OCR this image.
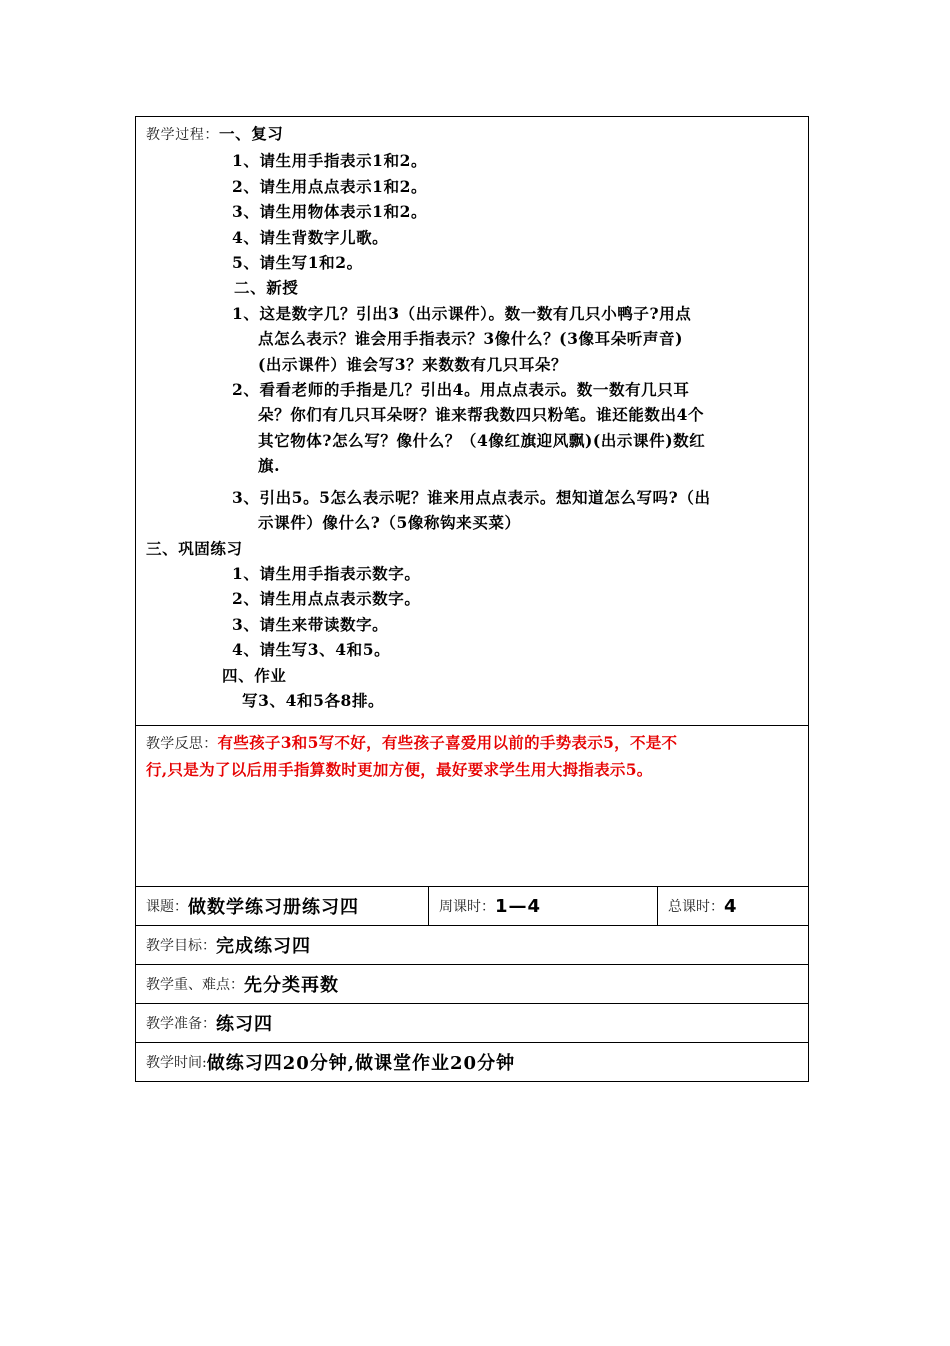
教学过程：一、复习
1、请生用手指表示1和2。
2、请生用点点表示1和2。
3、请生用物体表示1和2。
4、请生背数字儿歌。
5、请生写1和2。
二、新授
1、这是数字几？引出3（出示课件）。数一数有几只小鸭子?用点
点怎么表示？谁会用手指表示？3像什么？(3像耳朵听声音)
(出示课件）谁会写3？来数数有几只耳朵？
2、看看老师的手指是几？引出4。用点点表示。数一数有几只耳
朵？你们有几只耳朵呀？谁来帮我数四只粉笔。谁还能数出4个
其它物体?怎么写？像什么？（4像红旗迎风飘)(出示课件)数红
旗.
3、引出5。5怎么表示呢？谁来用点点表示。想知道怎么写吗?（出
示课件）像什么?（5像称钩来买菜）
三、巩固练习
1、请生用手指表示数字。
2、请生用点点表示数字。
3、请生来带读数字。
4、请生写3、4和5。
四、作业
写3、4和5各8排。
教学反思：有些孩子3和5写不好，有些孩子喜爱用以前的手势表示5，不是不
行,只是为了以后用手指算数时更加方便，最好要求学生用大拇指表示5。
课题： 做数学练习册练习四	周课时： 1—4	总课时： 4
教学目标： 完成练习四
教学重、难点： 先分类再数
教学准备： 练习四
教学时间: 做练习四20分钟,做课堂作业20分钟
